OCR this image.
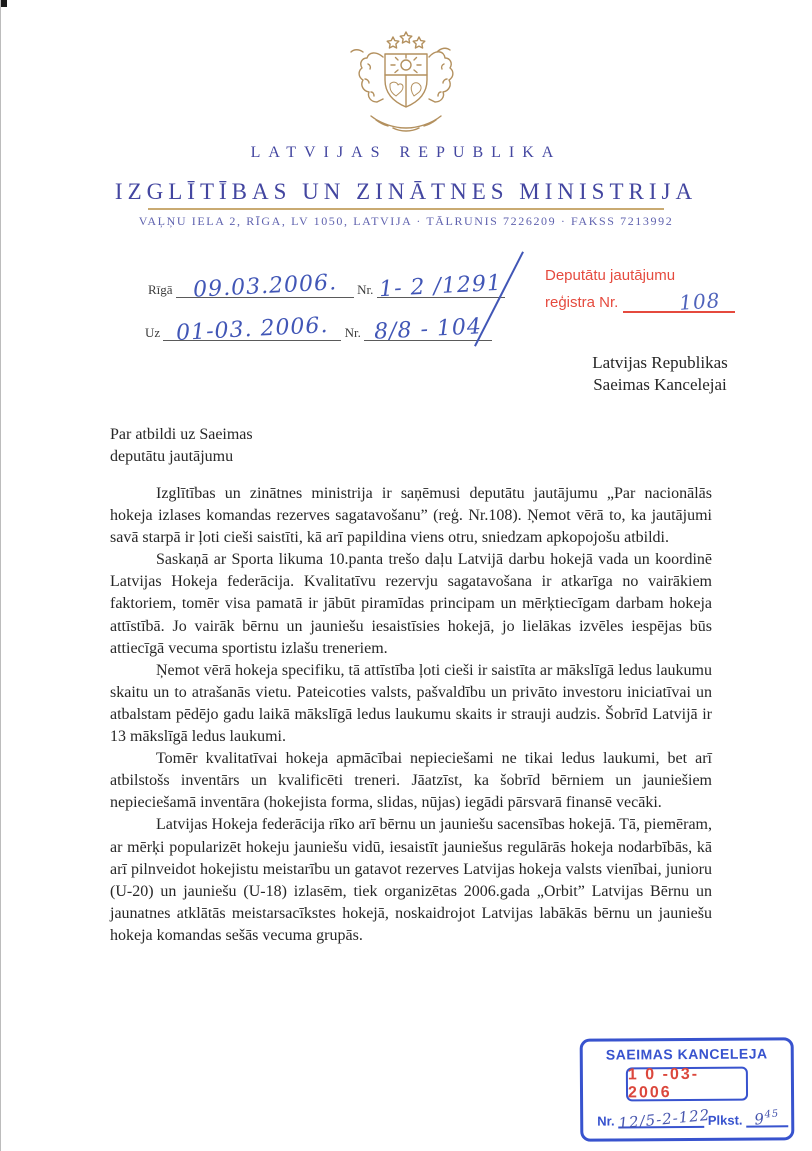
LATVIJAS REPUBLIKA
IZGLĪTĪBAS UN ZINĀTNES MINISTRIJA
VAĻŅU IELA 2, RĪGA, LV 1050, LATVIJA · TĀLRUNIS 7226209 · FAKSS 7213992
Rīgā 09.03.2006. Nr. 1- 2 /1291
Uz 01-03. 2006. Nr. 8/8 - 104
Deputātu jautājumu
reģistra Nr.	108
Latvijas Republikas
Saeimas Kancelejai
Par atbildi uz Saeimas
deputātu jautājumu

Izglītības un zinātnes ministrija ir saņēmusi deputātu jautājumu „Par nacionālās hokeja izlases komandas rezerves sagatavošanu” (reģ. Nr.108). Ņemot vērā to, ka jautājumi savā starpā ir ļoti cieši saistīti, kā arī papildina viens otru, sniedzam apkopojošu atbildi.

Saskaņā ar Sporta likuma 10.panta trešo daļu Latvijā darbu hokejā vada un koordinē Latvijas Hokeja federācija. Kvalitatīvu rezervju sagatavošana ir atkarīga no vairākiem faktoriem, tomēr visa pamatā ir jābūt piramīdas principam un mērķtiecīgam darbam hokeja attīstībā. Jo vairāk bērnu un jauniešu iesaistīsies hokejā, jo lielākas izvēles iespējas būs attiecīgā vecuma sportistu izlašu treneriem.

Ņemot vērā hokeja specifiku, tā attīstība ļoti cieši ir saistīta ar mākslīgā ledus laukumu skaitu un to atrašanās vietu. Pateicoties valsts, pašvaldību un privāto investoru iniciatīvai un atbalstam pēdējo gadu laikā mākslīgā ledus laukumu skaits ir strauji audzis. Šobrīd Latvijā ir 13 mākslīgā ledus laukumi.

Tomēr kvalitatīvai hokeja apmācībai nepieciešami ne tikai ledus laukumi, bet arī atbilstošs inventārs un kvalificēti treneri. Jāatzīst, ka šobrīd bērniem un jauniešiem nepieciešamā inventāra (hokejista forma, slidas, nūjas) iegādi pārsvarā finansē vecāki.

Latvijas Hokeja federācija rīko arī bērnu un jauniešu sacensības hokejā. Tā, piemēram, ar mērķi popularizēt hokeju jauniešu vidū, iesaistīt jauniešus regulārās hokeja nodarbībās, kā arī pilnveidot hokejistu meistarību un gatavot rezerves Latvijas hokeja valsts vienībai, junioru (U-20) un jauniešu (U-18) izlasēm, tiek organizētas 2006.gada „Orbit” Latvijas Bērnu un jaunatnes atklātās meistarsacīkstes hokejā, noskaidrojot Latvijas labākās bērnu un jauniešu hokeja komandas sešās vecuma grupās.

SAEIMAS KANCELEJA
1 0 -03- 2006
Nr. 12/5-2-122 Plkst. $9^{45}$
